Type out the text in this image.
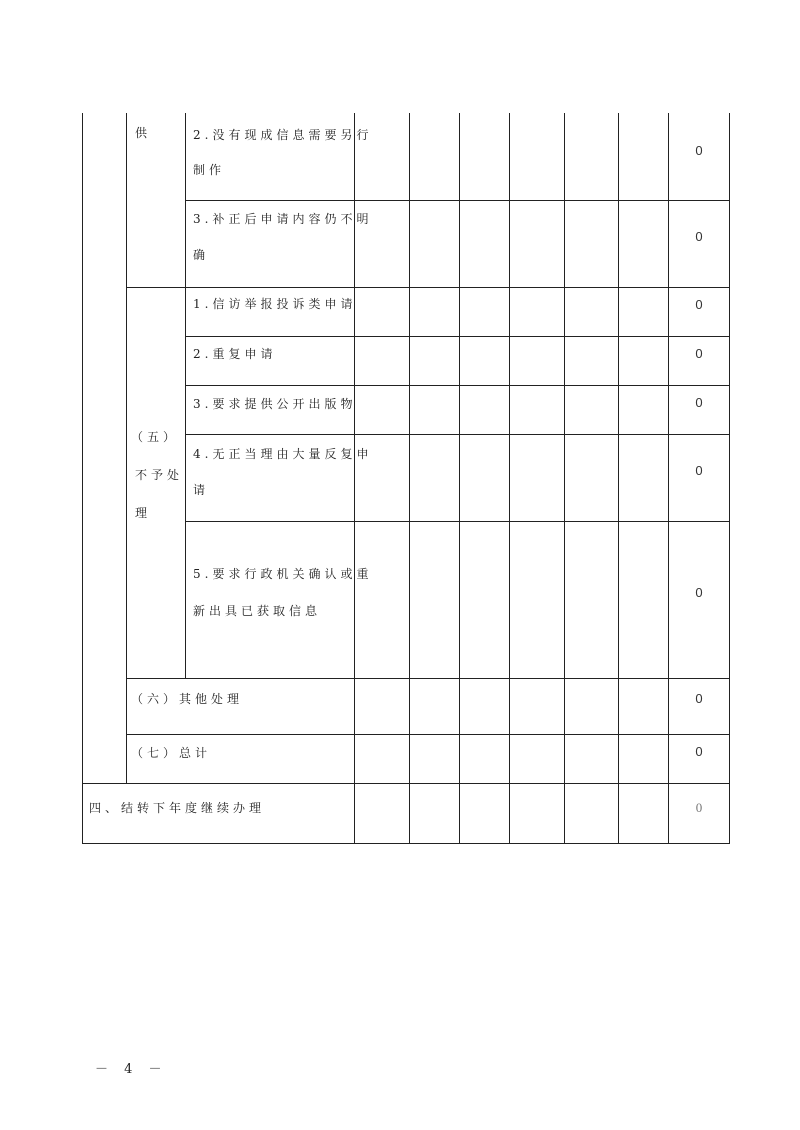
供
（五）
不予处
理
2.没有现成信息需要另行
制作
3.补正后申请内容仍不明
确
1.信访举报投诉类申请
2.重复申请
3.要求提供公开出版物
4.无正当理由大量反复申
请
5.要求行政机关确认或重
新出具已获取信息
（六）其他处理
（七）总计
四、结转下年度继续办理
0
0
0
0
0
0
0
0
0
0
－ 4 －
